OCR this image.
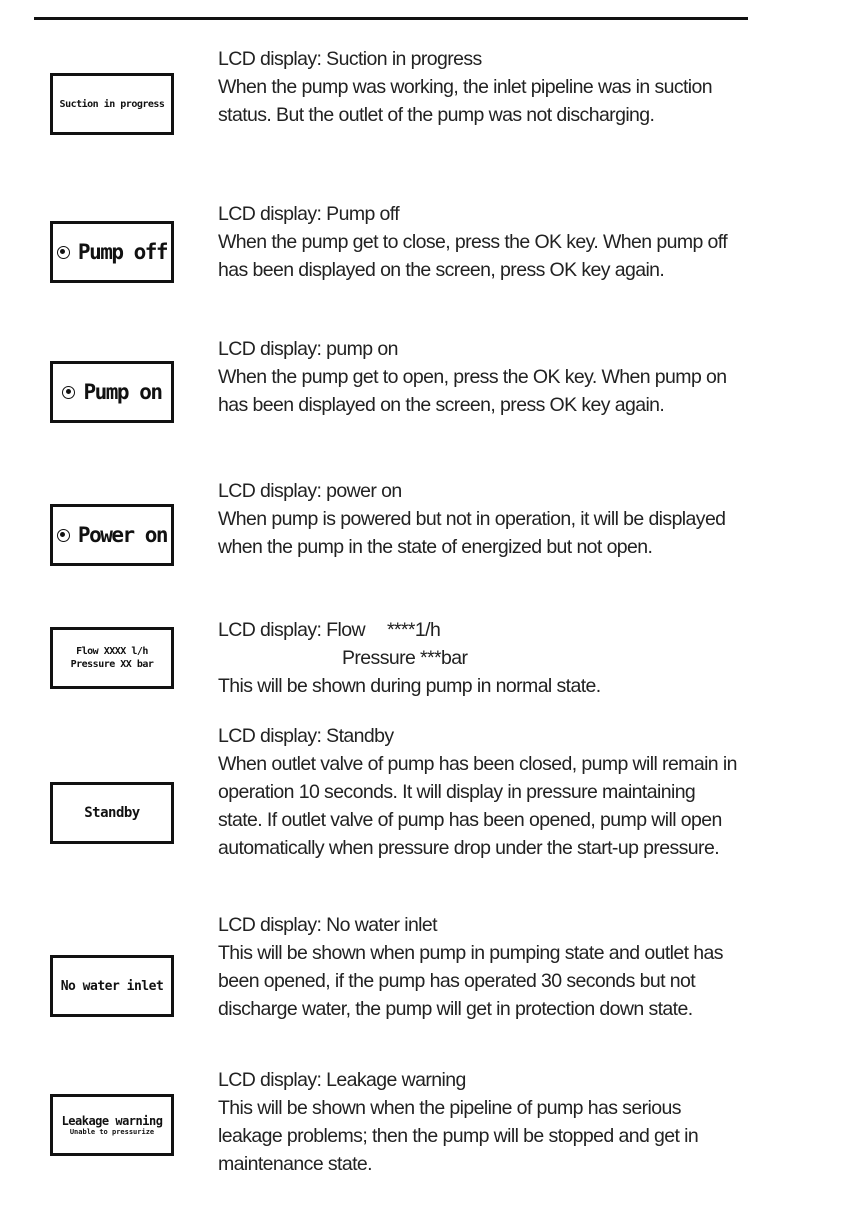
Suction in progress

LCD display: Suction in progress

When the pump was working, the inlet pipeline was in suction status. But the outlet of the pump was not discharging.

Pump off

LCD display: Pump off

When the pump get to close, press the OK key. When pump off has been displayed on the screen, press OK key again.

Pump on

LCD display: pump on

When the pump get to open, press the OK key. When pump on has been displayed on the screen, press OK key again.

Power on

LCD display: power on

When pump is powered but not in operation, it will be displayed when the pump in the state of energized but not open.

Flow XXXX l/h
Pressure XX bar

LCD display: Flow ****1/h

Pressure ***bar

This will be shown during pump in normal state.

Standby

LCD display: Standby

When outlet valve of pump has been closed, pump will remain in operation 10 seconds. It will display in pressure maintaining state. If outlet valve of pump has been opened, pump will open automatically when pressure drop under the start-up pressure.

No water inlet

LCD display: No water inlet

This will be shown when pump in pumping state and outlet has been opened, if the pump has operated 30 seconds but not discharge water, the pump will get in protection down state.

Leakage warning
Unable to pressurize

LCD display: Leakage warning

This will be shown when the pipeline of pump has serious leakage problems; then the pump will be stopped and get in maintenance state.
